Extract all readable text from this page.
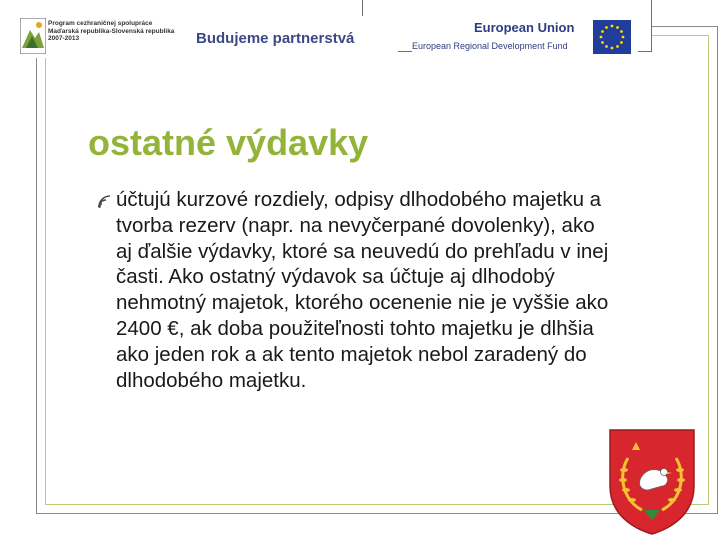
Program cezhraničnej spolupráce
Maďarská republika-Slovenská republika
2007-2013	Budujeme partnerstvá
European Union
European Regional Development Fund
ostatné výdavky
účtujú kurzové rozdiely, odpisy dlhodobého majetku a tvorba rezerv (napr. na nevyčerpané dovolenky), ako aj ďalšie výdavky, ktoré sa neuvedú do prehľadu v inej časti. Ako ostatný výdavok sa účtuje aj dlhodobý nehmotný majetok, ktorého ocenenie nie je vyššie ako 2400 €, ak doba použiteľnosti tohto majetku je dlhšia ako jeden rok a ak tento majetok nebol zaradený do dlhodobého majetku.
